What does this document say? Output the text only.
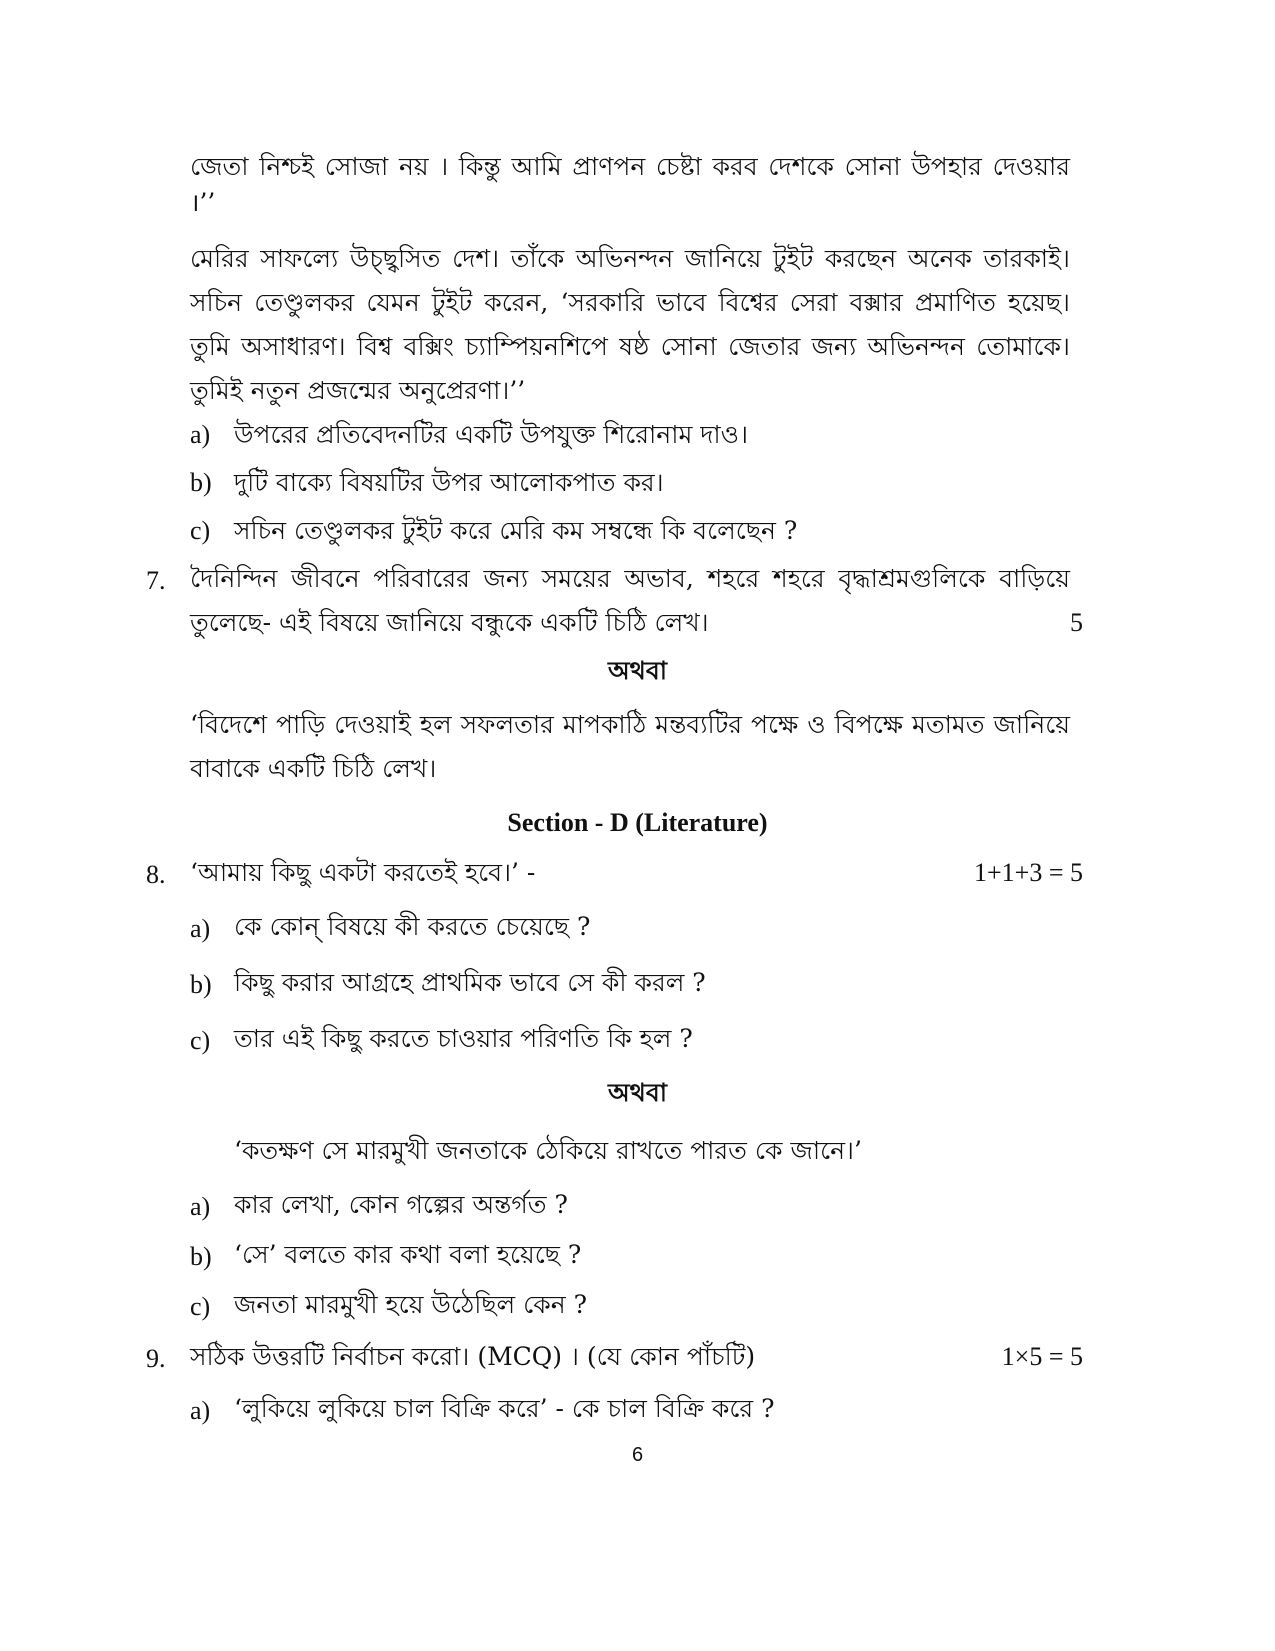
জেতা নিশ্চই সোজা নয় । কিন্তু আমি প্রাণপন চেষ্টা করব দেশকে সোনা উপহার দেওয়ার
।’’
মেরির সাফল্যে উচ্ছ্বসিত দেশ। তাঁকে অভিনন্দন জানিয়ে টুইট করছেন অনেক তারকাই।
সচিন তেণ্ডুলকর যেমন টুইট করেন, ‘সরকারি ভাবে বিশ্বের সেরা বক্সার প্রমাণিত হয়েছ।
তুমি অসাধারণ। বিশ্ব বক্সিং চ্যাম্পিয়নশিপে ষষ্ঠ সোনা জেতার জন্য অভিনন্দন তোমাকে।
তুমিই নতুন প্রজন্মের অনুপ্রেরণা।’’
a) উপরের প্রতিবেদনটির একটি উপযুক্ত শিরোনাম দাও।
b) দুটি বাক্যে বিষয়টির উপর আলোকপাত কর।
c) সচিন তেণ্ডুলকর টুইট করে মেরি কম সম্বন্ধে কি বলেছেন ?
7. দৈনিন্দিন জীবনে পরিবারের জন্য সময়ের অভাব, শহরে শহরে বৃদ্ধাশ্রমগুলিকে বাড়িয়ে
তুলেছে- এই বিষয়ে জানিয়ে বন্ধুকে একটি চিঠি লেখ।	5
অথবা
‘বিদেশে পাড়ি দেওয়াই হল সফলতার মাপকাঠি মন্তব্যটির পক্ষে ও বিপক্ষে মতামত জানিয়ে
বাবাকে একটি চিঠি লেখ।
Section - D (Literature)
8. ‘আমায় কিছু একটা করতেই হবে।’ -	1+1+3 = 5
a) কে কোন্ বিষয়ে কী করতে চেয়েছে ?
b) কিছু করার আগ্রহে প্রাথমিক ভাবে সে কী করল ?
c) তার এই কিছু করতে চাওয়ার পরিণতি কি হল ?
অথবা
‘কতক্ষণ সে মারমুখী জনতাকে ঠেকিয়ে রাখতে পারত কে জানে।’
a) কার লেখা, কোন গল্পের অন্তর্গত ?
b) ‘সে’ বলতে কার কথা বলা হয়েছে ?
c) জনতা মারমুখী হয়ে উঠেছিল কেন ?
9. সঠিক উত্তরটি নির্বাচন করো। (MCQ) । (যে কোন পাঁচটি)	1×5 = 5
a) ‘লুকিয়ে লুকিয়ে চাল বিক্রি করে’ - কে চাল বিক্রি করে ?
6
